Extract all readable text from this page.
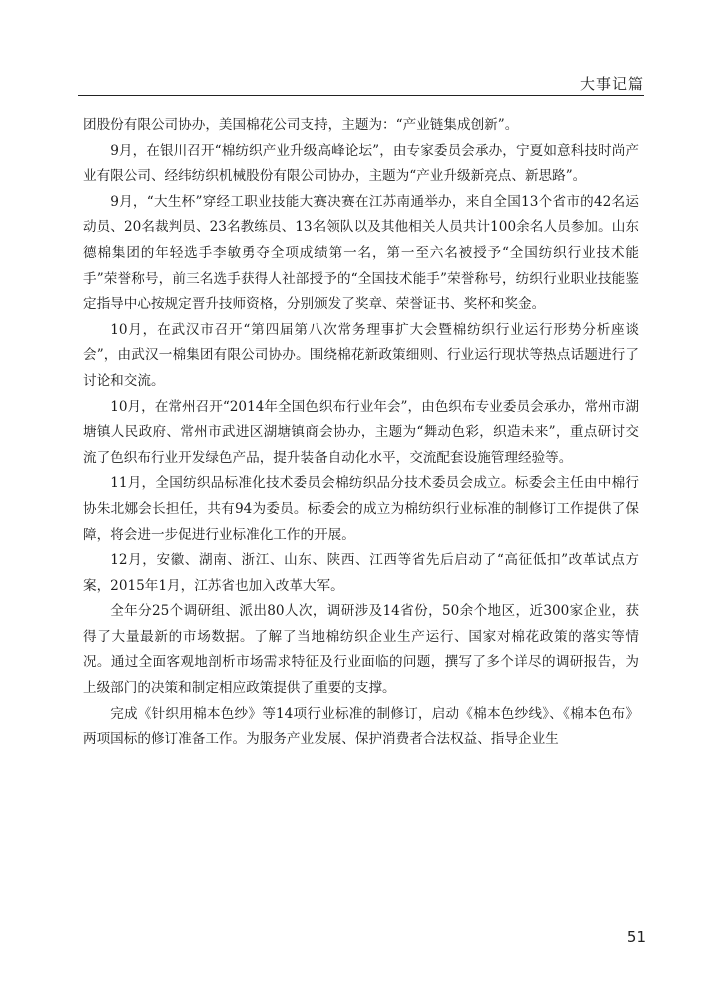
大事记篇

团股份有限公司协办，美国棉花公司支持，主题为：“产业链集成创新”。

9月，在银川召开“棉纺织产业升级高峰论坛”，由专家委员会承办，宁夏如意科技时尚产业有限公司、经纬纺织机械股份有限公司协办，主题为“产业升级新亮点、新思路”。

9月，“大生杯”穿经工职业技能大赛决赛在江苏南通举办，来自全国13个省市的42名运动员、20名裁判员、23名教练员、13名领队以及其他相关人员共计100余名人员参加。山东德棉集团的年轻选手李敏勇夺全项成绩第一名，第一至六名被授予“全国纺织行业技术能手”荣誉称号，前三名选手获得人社部授予的“全国技术能手”荣誉称号，纺织行业职业技能鉴定指导中心按规定晋升技师资格，分别颁发了奖章、荣誉证书、奖杯和奖金。

10月，在武汉市召开“第四届第八次常务理事扩大会暨棉纺织行业运行形势分析座谈会”，由武汉一棉集团有限公司协办。围绕棉花新政策细则、行业运行现状等热点话题进行了讨论和交流。

10月，在常州召开“2014年全国色织布行业年会”，由色织布专业委员会承办，常州市湖塘镇人民政府、常州市武进区湖塘镇商会协办，主题为“舞动色彩，织造未来”，重点研讨交流了色织布行业开发绿色产品，提升装备自动化水平，交流配套设施管理经验等。

11月，全国纺织品标准化技术委员会棉纺织品分技术委员会成立。标委会主任由中棉行协朱北娜会长担任，共有94为委员。标委会的成立为棉纺织行业标准的制修订工作提供了保障，将会进一步促进行业标准化工作的开展。

12月，安徽、湖南、浙江、山东、陕西、江西等省先后启动了“高征低扣”改革试点方案，2015年1月，江苏省也加入改革大军。

全年分25个调研组、派出80人次，调研涉及14省份，50余个地区，近300家企业，获得了大量最新的市场数据。了解了当地棉纺织企业生产运行、国家对棉花政策的落实等情况。通过全面客观地剖析市场需求特征及行业面临的问题，撰写了多个详尽的调研报告，为上级部门的决策和制定相应政策提供了重要的支撑。

完成《针织用棉本色纱》等14项行业标准的制修订，启动《棉本色纱线》、《棉本色布》两项国标的修订准备工作。为服务产业发展、保护消费者合法权益、指导企业生

51
